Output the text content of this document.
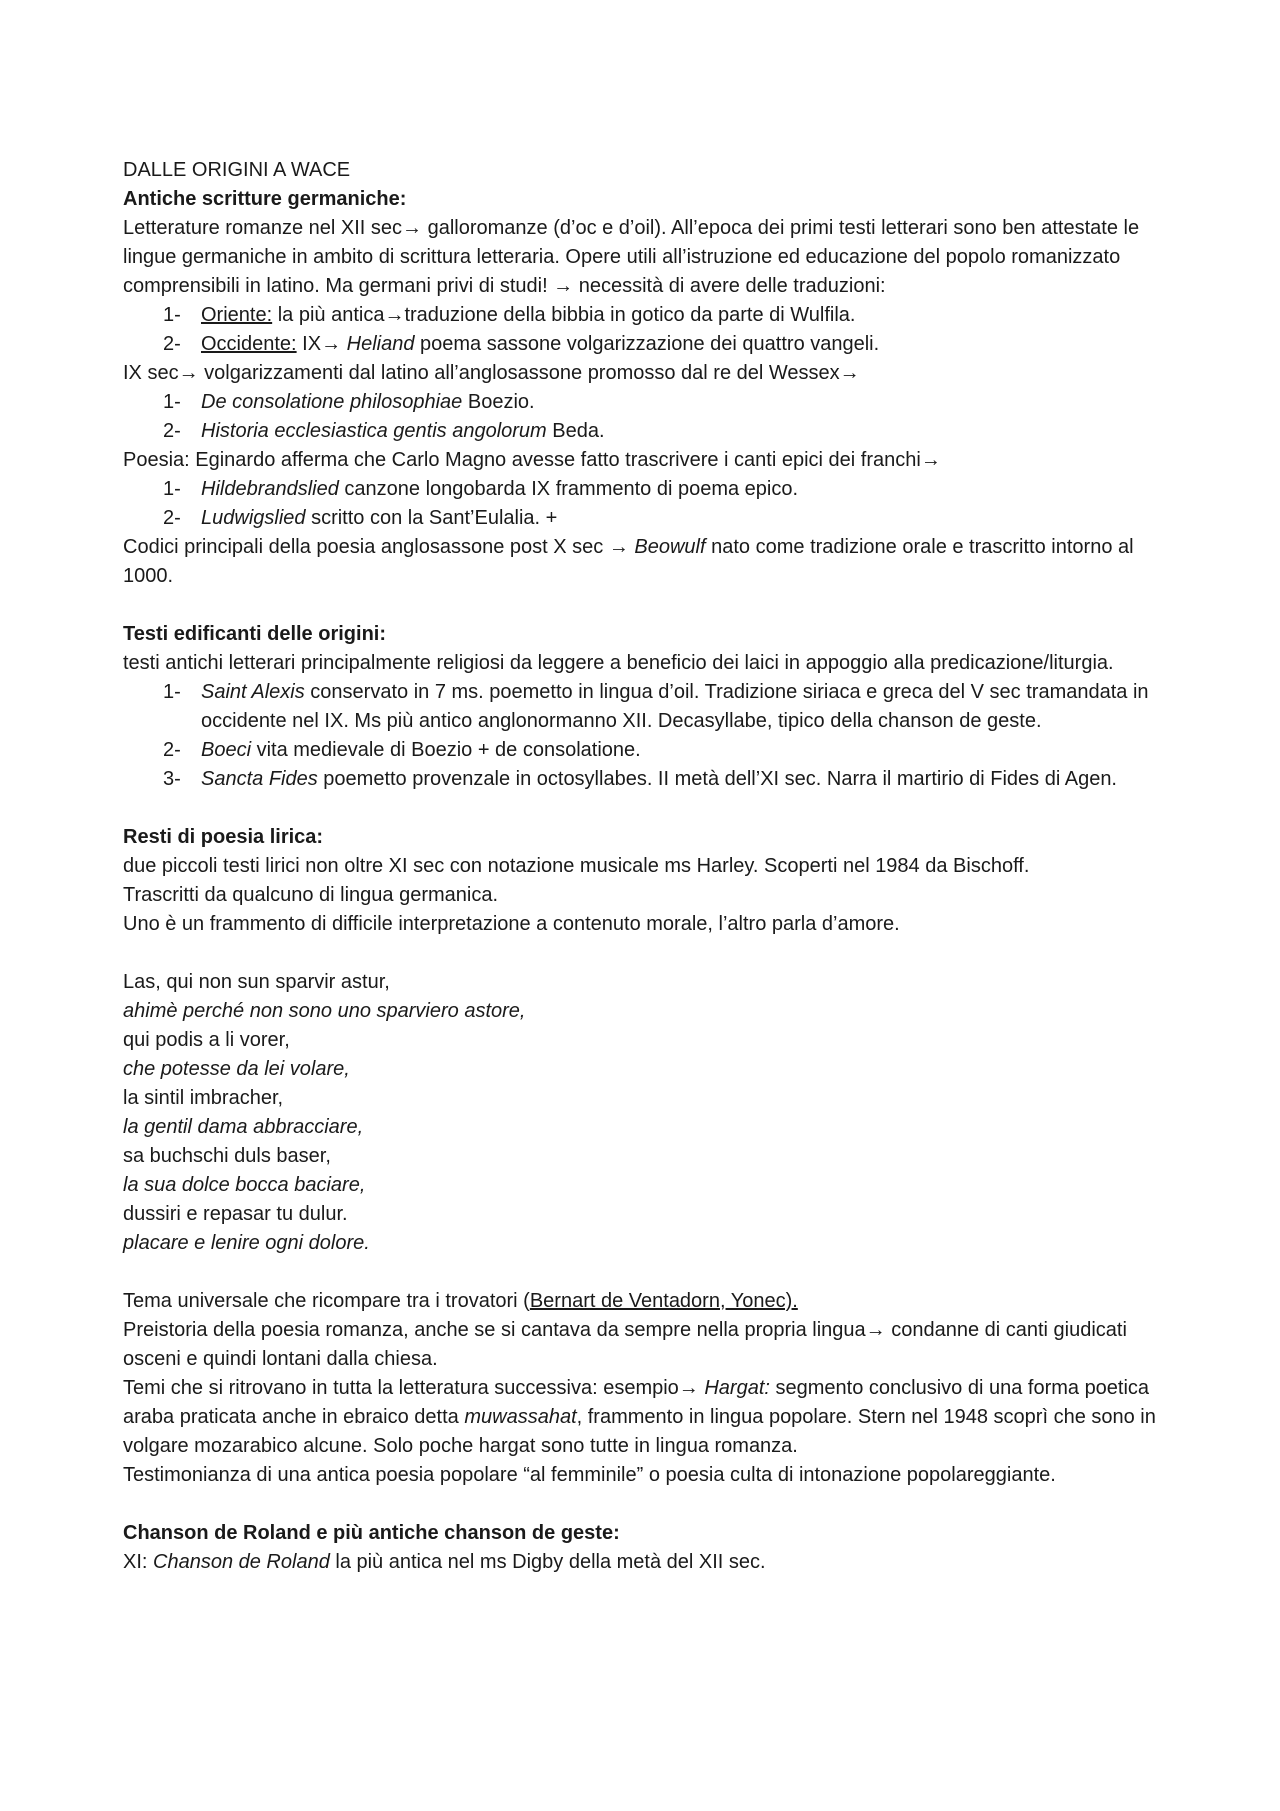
DALLE ORIGINI A WACE

Antiche scritture germaniche:

Letterature romanze nel XII sec→ galloromanze (d’oc e d’oil). All’epoca dei primi testi letterari sono ben attestate le lingue germaniche in ambito di scrittura letteraria. Opere utili all’istruzione ed educazione del popolo romanizzato comprensibili in latino. Ma germani privi di studi! → necessità di avere delle traduzioni:

1- Oriente: la più antica→traduzione della bibbia in gotico da parte di Wulfila.
2- Occidente: IX→ Heliand poema sassone volgarizzazione dei quattro vangeli.

IX sec→ volgarizzamenti dal latino all’anglosassone promosso dal re del Wessex→

1- De consolatione philosophiae Boezio.
2- Historia ecclesiastica gentis angolorum Beda.

Poesia: Eginardo afferma che Carlo Magno avesse fatto trascrivere i canti epici dei franchi→

1- Hildebrandslied canzone longobarda IX frammento di poema epico.
2- Ludwigslied scritto con la Sant’Eulalia. +

Codici principali della poesia anglosassone post X sec → Beowulf nato come tradizione orale e trascritto intorno al 1000.

Testi edificanti delle origini:

testi antichi letterari principalmente religiosi da leggere a beneficio dei laici in appoggio alla predicazione/liturgia.

1- Saint Alexis conservato in 7 ms. poemetto in lingua d’oil. Tradizione siriaca e greca del V sec tramandata in occidente nel IX. Ms più antico anglonormanno XII. Decasyllabe, tipico della chanson de geste.
2- Boeci vita medievale di Boezio + de consolatione.
3- Sancta Fides poemetto provenzale in octosyllabes. II metà dell’XI sec. Narra il martirio di Fides di Agen.
Resti di poesia lirica:

due piccoli testi lirici non oltre XI sec con notazione musicale ms Harley. Scoperti nel 1984 da Bischoff.

Trascritti da qualcuno di lingua germanica.

Uno è un frammento di difficile interpretazione a contenuto morale, l’altro parla d’amore.

Las, qui non sun sparvir astur,

ahimè perché non sono uno sparviero astore,

qui podis a li vorer,

che potesse da lei volare,

la sintil imbracher,

la gentil dama abbracciare,

sa buchschi duls baser,

la sua dolce bocca baciare,

dussiri e repasar tu dulur.

placare e lenire ogni dolore.

Tema universale che ricompare tra i trovatori (Bernart de Ventadorn, Yonec).

Preistoria della poesia romanza, anche se si cantava da sempre nella propria lingua→ condanne di canti giudicati osceni e quindi lontani dalla chiesa.

Temi che si ritrovano in tutta la letteratura successiva: esempio→ Hargat: segmento conclusivo di una forma poetica araba praticata anche in ebraico detta muwassahat, frammento in lingua popolare. Stern nel 1948 scoprì che sono in volgare mozarabico alcune. Solo poche hargat sono tutte in lingua romanza.

Testimonianza di una antica poesia popolare “al femminile” o poesia culta di intonazione popolareggiante.

Chanson de Roland e più antiche chanson de geste:

XI: Chanson de Roland la più antica nel ms Digby della metà del XII sec.
